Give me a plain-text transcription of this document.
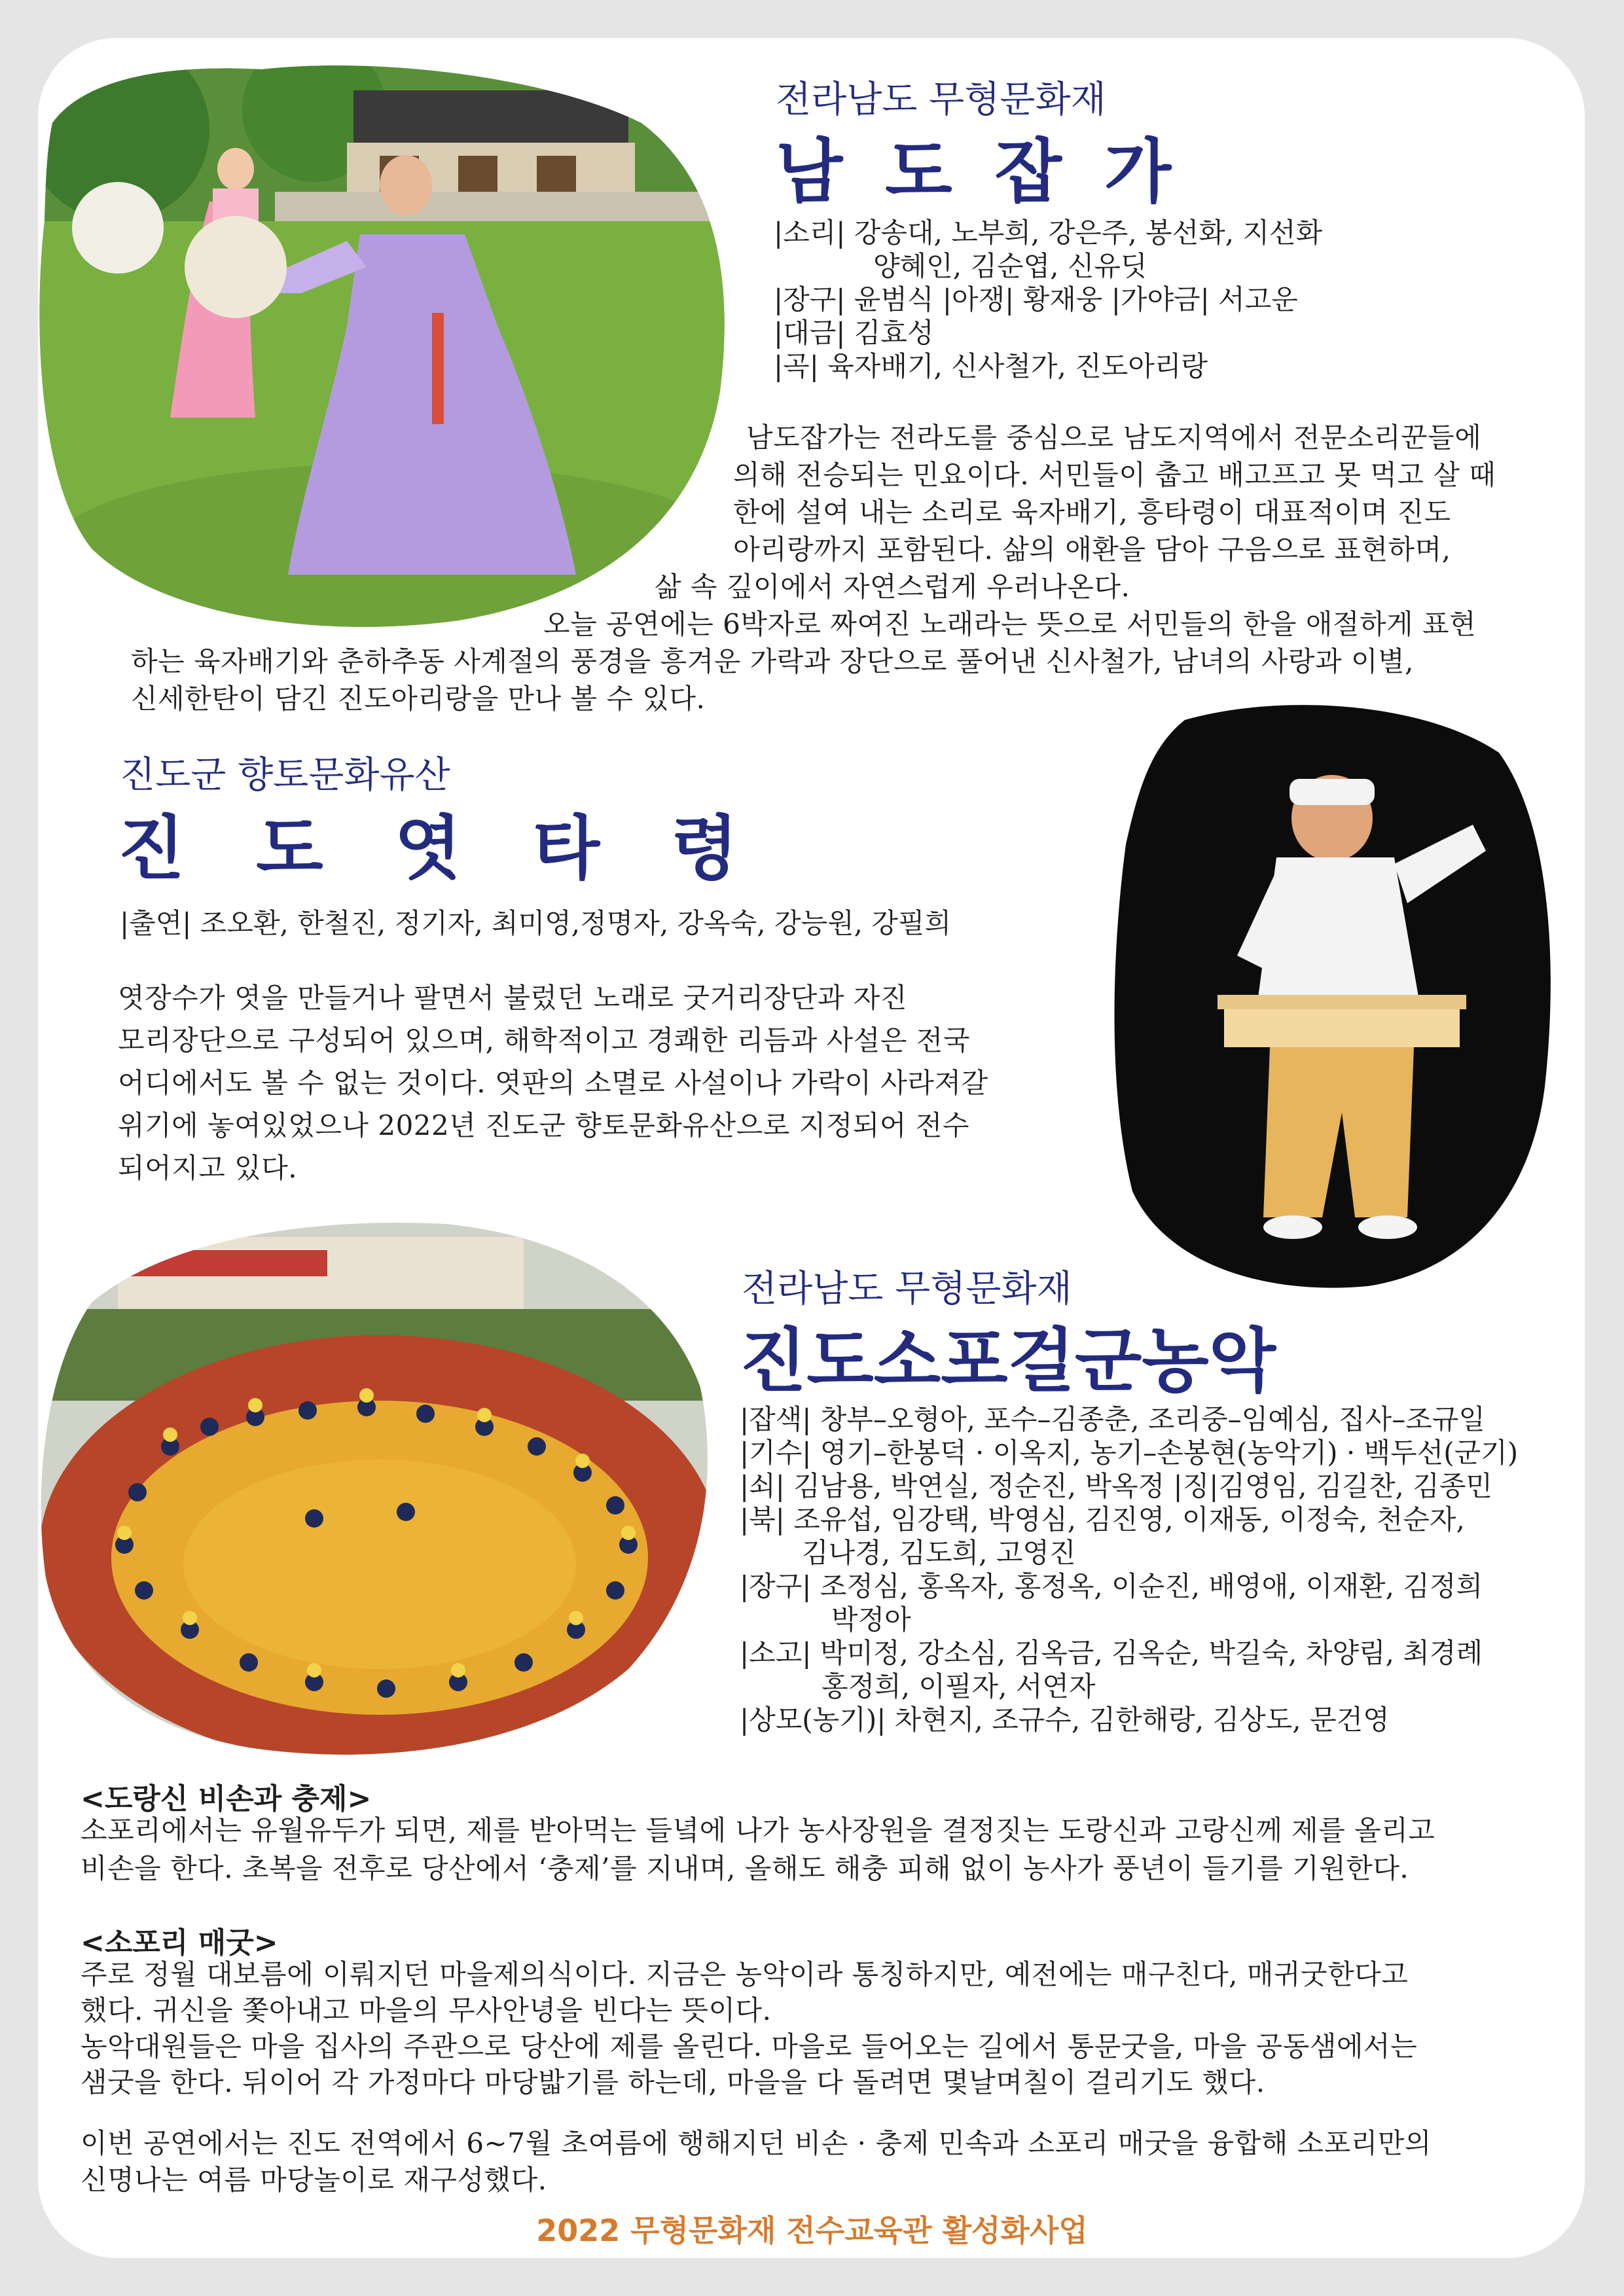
전라남도 무형문화재
남 도 잡 가
|소리| 강송대, 노부희, 강은주, 봉선화, 지선화
양혜인, 김순엽, 신유딧
|장구| 윤범식 |아쟁| 황재웅 |가야금| 서고운
|대금| 김효성
|곡| 육자배기, 신사철가, 진도아리랑
남도잡가는 전라도를 중심으로 남도지역에서 전문소리꾼들에
의해 전승되는 민요이다. 서민들이 춥고 배고프고 못 먹고 살 때
한에 설여 내는 소리로 육자배기, 흥타령이 대표적이며 진도
아리랑까지 포함된다. 삶의 애환을 담아 구음으로 표현하며,
삶 속 깊이에서 자연스럽게 우러나온다.
오늘 공연에는 6박자로 짜여진 노래라는 뜻으로 서민들의 한을 애절하게 표현
하는 육자배기와 춘하추동 사계절의 풍경을 흥겨운 가락과 장단으로 풀어낸 신사철가, 남녀의 사랑과 이별,
신세한탄이 담긴 진도아리랑을 만나 볼 수 있다.
진도군 향토문화유산
진 도 엿 타 령
|출연| 조오환, 한철진, 정기자, 최미영,정명자, 강옥숙, 강능원, 강필희
엿장수가 엿을 만들거나 팔면서 불렀던 노래로 굿거리장단과 자진
모리장단으로 구성되어 있으며, 해학적이고 경쾌한 리듬과 사설은 전국
어디에서도 볼 수 없는 것이다. 엿판의 소멸로 사설이나 가락이 사라져갈
위기에 놓여있었으나 2022년 진도군 향토문화유산으로 지정되어 전수
되어지고 있다.
전라남도 무형문화재
진도소포걸군농악
|잡색| 창부–오형아, 포수–김종춘, 조리중–임예심, 집사–조규일
|기수| 영기–한봉덕 · 이옥지, 농기–손봉현(농악기) · 백두선(군기)
|쇠| 김남용, 박연실, 정순진, 박옥정 |징|김영임, 김길찬, 김종민
|북| 조유섭, 임강택, 박영심, 김진영, 이재동, 이정숙, 천순자,
김나경, 김도희, 고영진
|장구| 조정심, 홍옥자, 홍정옥, 이순진, 배영애, 이재환, 김정희
박정아
|소고| 박미정, 강소심, 김옥금, 김옥순, 박길숙, 차양림, 최경례
홍정희, 이필자, 서연자
|상모(농기)| 차현지, 조규수, 김한해랑, 김상도, 문건영
<도랑신 비손과 충제>
소포리에서는 유월유두가 되면, 제를 받아먹는 들녘에 나가 농사장원을 결정짓는 도랑신과 고랑신께 제를 올리고
비손을 한다. 초복을 전후로 당산에서 ‘충제’를 지내며, 올해도 해충 피해 없이 농사가 풍년이 들기를 기원한다.
<소포리 매굿>
주로 정월 대보름에 이뤄지던 마을제의식이다. 지금은 농악이라 통칭하지만, 예전에는 매구친다, 매귀굿한다고
했다. 귀신을 쫓아내고 마을의 무사안녕을 빈다는 뜻이다.
농악대원들은 마을 집사의 주관으로 당산에 제를 올린다. 마을로 들어오는 길에서 통문굿을, 마을 공동샘에서는
샘굿을 한다. 뒤이어 각 가정마다 마당밟기를 하는데, 마을을 다 돌려면 몇날며칠이 걸리기도 했다.
이번 공연에서는 진도 전역에서 6~7월 초여름에 행해지던 비손 · 충제 민속과 소포리 매굿을 융합해 소포리만의
신명나는 여름 마당놀이로 재구성했다.
2022 무형문화재 전수교육관 활성화사업
